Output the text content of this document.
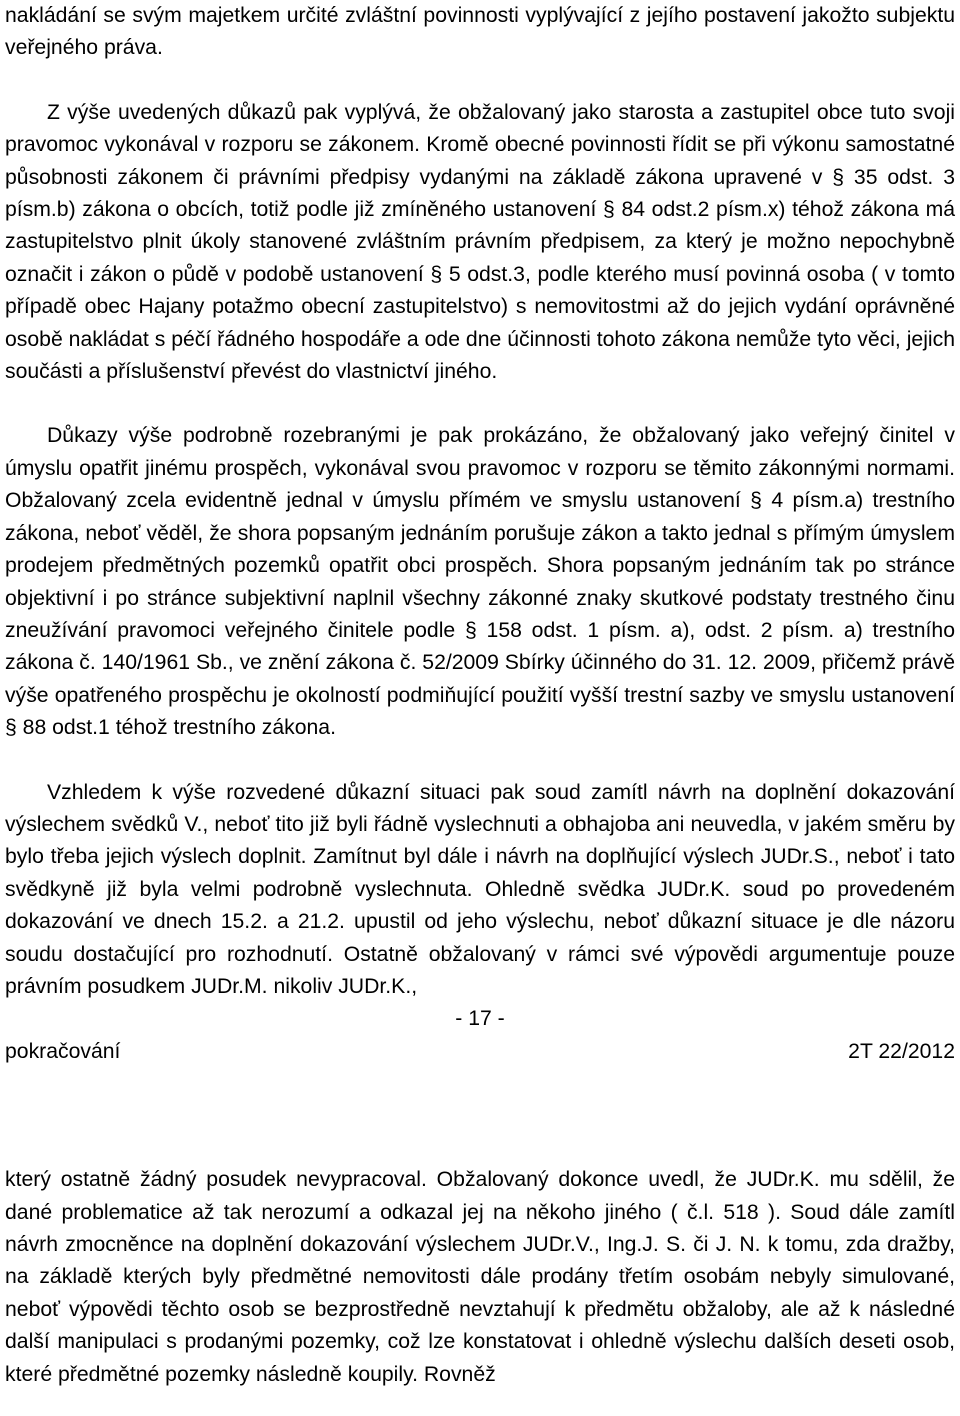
nakládání se svým majetkem určité zvláštní povinnosti vyplývající z jejího postavení jakožto subjektu veřejného práva.

Z výše uvedených důkazů pak vyplývá, že obžalovaný jako starosta a zastupitel obce tuto svoji pravomoc vykonával v rozporu se zákonem. Kromě obecné povinnosti řídit se při výkonu samostatné působnosti zákonem či právními předpisy vydanými na základě zákona upravené v § 35 odst. 3 písm.b) zákona o obcích, totiž podle již zmíněného ustanovení § 84 odst.2 písm.x) téhož zákona má zastupitelstvo plnit úkoly stanovené zvláštním právním předpisem, za který je možno nepochybně označit i zákon o půdě v podobě ustanovení § 5 odst.3, podle kterého musí povinná osoba ( v tomto případě obec Hajany potažmo obecní zastupitelstvo) s nemovitostmi až do jejich vydání oprávněné osobě nakládat s péčí řádného hospodáře a ode dne účinnosti tohoto zákona nemůže tyto věci, jejich součásti a příslušenství převést do vlastnictví jiného.

Důkazy výše podrobně rozebranými je pak prokázáno, že obžalovaný jako veřejný činitel v úmyslu opatřit jinému prospěch, vykonával svou pravomoc v rozporu se těmito zákonnými normami. Obžalovaný zcela evidentně jednal v úmyslu přímém ve smyslu ustanovení § 4 písm.a) trestního zákona, neboť věděl, že shora popsaným jednáním porušuje zákon a takto jednal s přímým úmyslem prodejem předmětných pozemků opatřit obci prospěch. Shora popsaným jednáním tak po stránce objektivní i po stránce subjektivní naplnil všechny zákonné znaky skutkové podstaty trestného činu zneužívání pravomoci veřejného činitele podle § 158 odst. 1 písm. a), odst. 2 písm. a) trestního zákona č. 140/1961 Sb., ve znění zákona č. 52/2009 Sbírky účinného do 31. 12. 2009, přičemž právě výše opatřeného prospěchu je okolností podmiňující použití vyšší trestní sazby ve smyslu ustanovení § 88 odst.1 téhož trestního zákona.

Vzhledem k výše rozvedené důkazní situaci pak soud zamítl návrh na doplnění dokazování výslechem svědků V., neboť tito již byli řádně vyslechnuti a obhajoba ani neuvedla, v jakém směru by bylo třeba jejich výslech doplnit. Zamítnut byl dále i návrh na doplňující výslech JUDr.S., neboť i tato svědkyně již byla velmi podrobně vyslechnuta. Ohledně svědka JUDr.K. soud po provedeném dokazování ve dnech 15.2. a 21.2. upustil od jeho výslechu, neboť důkazní situace je dle názoru soudu dostačující pro rozhodnutí. Ostatně obžalovaný v rámci své výpovědi argumentuje pouze právním posudkem JUDr.M. nikoliv JUDr.K.,

- 17 -

pokračování	2T 22/2012

který ostatně žádný posudek nevypracoval. Obžalovaný dokonce uvedl, že JUDr.K. mu sdělil, že dané problematice až tak nerozumí a odkazal jej na někoho jiného ( č.l. 518 ). Soud dále zamítl návrh zmocněnce na doplnění dokazování výslechem JUDr.V., Ing.J. S. či J. N. k tomu, zda dražby, na základě kterých byly předmětné nemovitosti dále prodány třetím osobám nebyly simulované, neboť výpovědi těchto osob se bezprostředně nevztahují k předmětu obžaloby, ale až k následné další manipulaci s prodanými pozemky, což lze konstatovat i ohledně výslechu dalších deseti osob, které předmětné pozemky následně koupily. Rovněž
